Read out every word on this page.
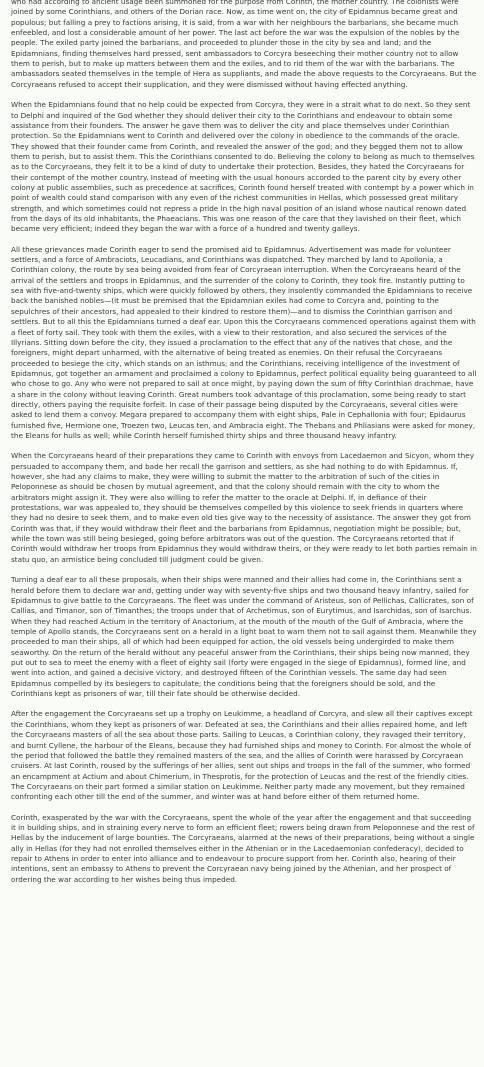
who had according to ancient usage been summoned for the purpose from Corinth, the mother country. The colonists were joined by some Corinthians, and others of the Dorian race. Now, as time went on, the city of Epidamnus became great and populous; but falling a prey to factions arising, it is said, from a war with her neighbours the barbarians, she became much enfeebled, and lost a considerable amount of her power. The last act before the war was the expulsion of the nobles by the people. The exiled party joined the barbarians, and proceeded to plunder those in the city by sea and land; and the Epidamnians, finding themselves hard pressed, sent ambassadors to Corcyra beseeching their mother country not to allow them to perish, but to make up matters between them and the exiles, and to rid them of the war with the barbarians. The ambassadors seated themselves in the temple of Hera as suppliants, and made the above requests to the Corcyraeans. But the Corcyraeans refused to accept their supplication, and they were dismissed without having effected anything.

When the Epidamnians found that no help could be expected from Corcyra, they were in a strait what to do next. So they sent to Delphi and inquired of the God whether they should deliver their city to the Corinthians and endeavour to obtain some assistance from their founders. The answer he gave them was to deliver the city and place themselves under Corinthian protection. So the Epidamnians went to Corinth and delivered over the colony in obedience to the commands of the oracle. They showed that their founder came from Corinth, and revealed the answer of the god; and they begged them not to allow them to perish, but to assist them. This the Corinthians consented to do. Believing the colony to belong as much to themselves as to the Corcyraeans, they felt it to be a kind of duty to undertake their protection. Besides, they hated the Corcyraeans for their contempt of the mother country. Instead of meeting with the usual honours accorded to the parent city by every other colony at public assemblies, such as precedence at sacrifices, Corinth found herself treated with contempt by a power which in point of wealth could stand comparison with any even of the richest communities in Hellas, which possessed great military strength, and which sometimes could not repress a pride in the high naval position of an island whose nautical renown dated from the days of its old inhabitants, the Phaeacians. This was one reason of the care that they lavished on their fleet, which became very efficient; indeed they began the war with a force of a hundred and twenty galleys.

All these grievances made Corinth eager to send the promised aid to Epidamnus. Advertisement was made for volunteer settlers, and a force of Ambraciots, Leucadians, and Corinthians was dispatched. They marched by land to Apollonia, a Corinthian colony, the route by sea being avoided from fear of Corcyraean interruption. When the Corcyraeans heard of the arrival of the settlers and troops in Epidamnus, and the surrender of the colony to Corinth, they took fire. Instantly putting to sea with five-and-twenty ships, which were quickly followed by others, they insolently commanded the Epidamnians to receive back the banished nobles—(it must be premised that the Epidamnian exiles had come to Corcyra and, pointing to the sepulchres of their ancestors, had appealed to their kindred to restore them)—and to dismiss the Corinthian garrison and settlers. But to all this the Epidamnians turned a deaf ear. Upon this the Corcyraeans commenced operations against them with a fleet of forty sail. They took with them the exiles, with a view to their restoration, and also secured the services of the Illyrians. Sitting down before the city, they issued a proclamation to the effect that any of the natives that chose, and the foreigners, might depart unharmed, with the alternative of being treated as enemies. On their refusal the Corcyraeans proceeded to besiege the city, which stands on an isthmus; and the Corinthians, receiving intelligence of the investment of Epidamnus, got together an armament and proclaimed a colony to Epidamnus, perfect political equality being guaranteed to all who chose to go. Any who were not prepared to sail at once might, by paying down the sum of fifty Corinthian drachmae, have a share in the colony without leaving Corinth. Great numbers took advantage of this proclamation, some being ready to start directly, others paying the requisite forfeit. In case of their passage being disputed by the Corcyraeans, several cities were asked to lend them a convoy. Megara prepared to accompany them with eight ships, Pale in Cephallonia with four; Epidaurus furnished five, Hermione one, Troezen two, Leucas ten, and Ambracia eight. The Thebans and Phliasians were asked for money, the Eleans for hulls as well; while Corinth herself furnished thirty ships and three thousand heavy infantry.

When the Corcyraeans heard of their preparations they came to Corinth with envoys from Lacedaemon and Sicyon, whom they persuaded to accompany them, and bade her recall the garrison and settlers, as she had nothing to do with Epidamnus. If, however, she had any claims to make, they were willing to submit the matter to the arbitration of such of the cities in Peloponnese as should be chosen by mutual agreement, and that the colony should remain with the city to whom the arbitrators might assign it. They were also willing to refer the matter to the oracle at Delphi. If, in defiance of their protestations, war was appealed to, they should be themselves compelled by this violence to seek friends in quarters where they had no desire to seek them, and to make even old ties give way to the necessity of assistance. The answer they got from Corinth was that, if they would withdraw their fleet and the barbarians from Epidamnus, negotiation might be possible; but, while the town was still being besieged, going before arbitrators was out of the question. The Corcyraeans retorted that if Corinth would withdraw her troops from Epidamnus they would withdraw theirs, or they were ready to let both parties remain in statu quo, an armistice being concluded till judgment could be given.

Turning a deaf ear to all these proposals, when their ships were manned and their allies had come in, the Corinthians sent a herald before them to declare war and, getting under way with seventy-five ships and two thousand heavy infantry, sailed for Epidamnus to give battle to the Corcyraeans. The fleet was under the command of Aristeus, son of Pellichas, Callicrates, son of Callias, and Timanor, son of Timanthes; the troops under that of Archetimus, son of Eurytimus, and Isarchidas, son of Isarchus. When they had reached Actium in the territory of Anactorium, at the mouth of the mouth of the Gulf of Ambracia, where the temple of Apollo stands, the Corcyraeans sent on a herald in a light boat to warn them not to sail against them. Meanwhile they proceeded to man their ships, all of which had been equipped for action, the old vessels being undergirded to make them seaworthy. On the return of the herald without any peaceful answer from the Corinthians, their ships being now manned, they put out to sea to meet the enemy with a fleet of eighty sail (forty were engaged in the siege of Epidamnus), formed line, and went into action, and gained a decisive victory, and destroyed fifteen of the Corinthian vessels. The same day had seen Epidamnus compelled by its besiegers to capitulate; the conditions being that the foreigners should be sold, and the Corinthians kept as prisoners of war, till their fate should be otherwise decided.

After the engagement the Corcyraeans set up a trophy on Leukimme, a headland of Corcyra, and slew all their captives except the Corinthians, whom they kept as prisoners of war. Defeated at sea, the Corinthians and their allies repaired home, and left the Corcyraeans masters of all the sea about those parts. Sailing to Leucas, a Corinthian colony, they ravaged their territory, and burnt Cyllene, the harbour of the Eleans, because they had furnished ships and money to Corinth. For almost the whole of the period that followed the battle they remained masters of the sea, and the allies of Corinth were harassed by Corcyraean cruisers. At last Corinth, roused by the sufferings of her allies, sent out ships and troops in the fall of the summer, who formed an encampment at Actium and about Chimerium, in Thesprotis, for the protection of Leucas and the rest of the friendly cities. The Corcyraeans on their part formed a similar station on Leukimme. Neither party made any movement, but they remained confronting each other till the end of the summer, and winter was at hand before either of them returned home.

Corinth, exasperated by the war with the Corcyraeans, spent the whole of the year after the engagement and that succeeding it in building ships, and in straining every nerve to form an efficient fleet; rowers being drawn from Peloponnese and the rest of Hellas by the inducement of large bounties. The Corcyraeans, alarmed at the news of their preparations, being without a single ally in Hellas (for they had not enrolled themselves either in the Athenian or in the Lacedaemonian confederacy), decided to repair to Athens in order to enter into alliance and to endeavour to procure support from her. Corinth also, hearing of their intentions, sent an embassy to Athens to prevent the Corcyraean navy being joined by the Athenian, and her prospect of ordering the war according to her wishes being thus impeded.
